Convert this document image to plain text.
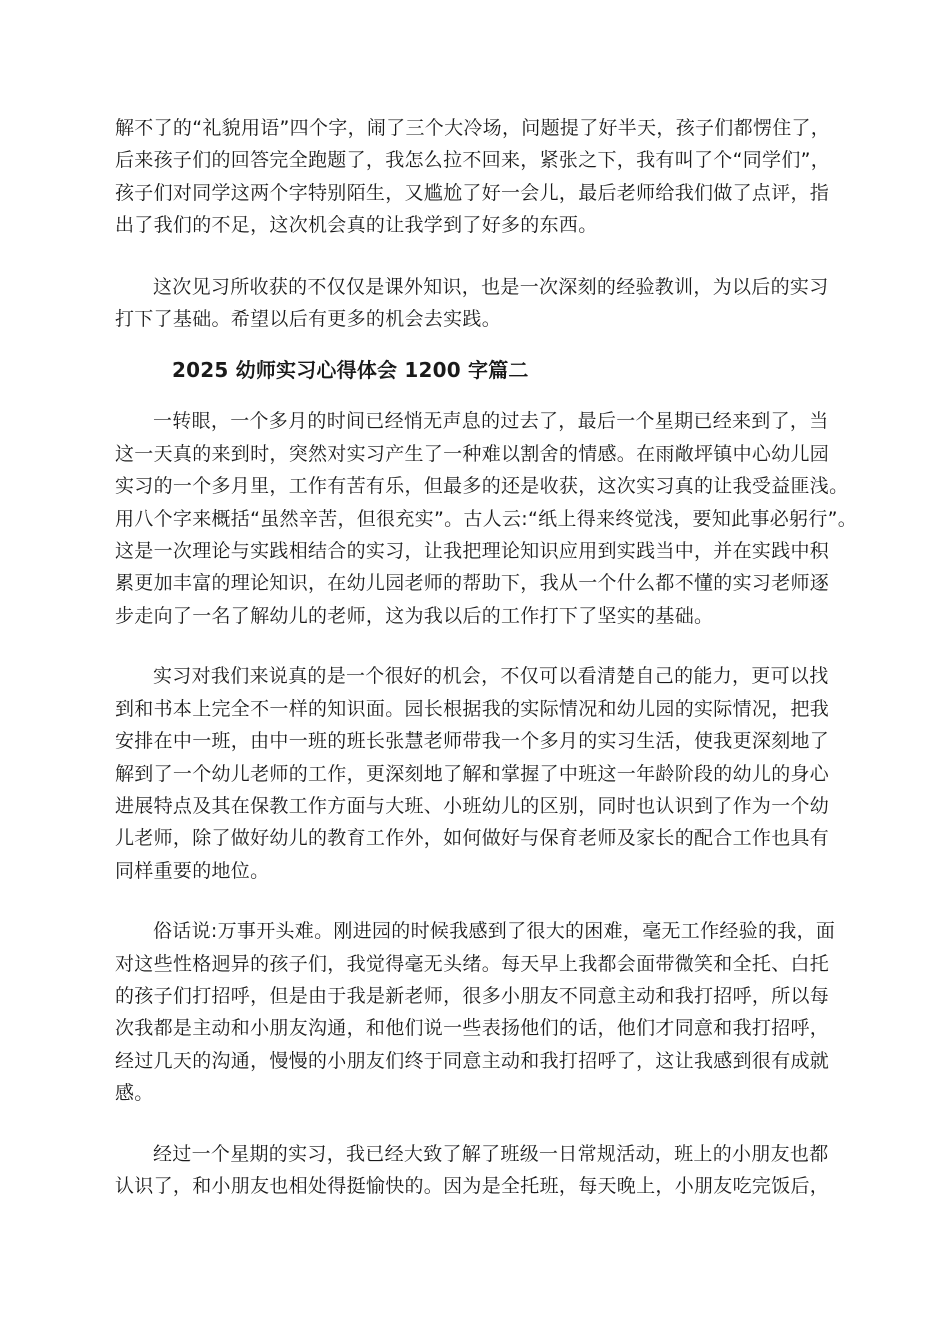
解不了的“礼貌用语”四个字，闹了三个大冷场，问题提了好半天，孩子们都愣住了，
后来孩子们的回答完全跑题了，我怎么拉不回来，紧张之下，我有叫了个“同学们”，
孩子们对同学这两个字特别陌生，又尴尬了好一会儿，最后老师给我们做了点评，指
出了我们的不足，这次机会真的让我学到了好多的东西。

这次见习所收获的不仅仅是课外知识，也是一次深刻的经验教训，为以后的实习
打下了基础。希望以后有更多的机会去实践。

2025 幼师实习心得体会 1200 字篇二

一转眼，一个多月的时间已经悄无声息的过去了，最后一个星期已经来到了，当
这一天真的来到时，突然对实习产生了一种难以割舍的情感。在雨敞坪镇中心幼儿园
实习的一个多月里，工作有苦有乐，但最多的还是收获，这次实习真的让我受益匪浅。
用八个字来概括“虽然辛苦，但很充实”。古人云:“纸上得来终觉浅，要知此事必躬行”。
这是一次理论与实践相结合的实习，让我把理论知识应用到实践当中，并在实践中积
累更加丰富的理论知识，在幼儿园老师的帮助下，我从一个什么都不懂的实习老师逐
步走向了一名了解幼儿的老师，这为我以后的工作打下了坚实的基础。

实习对我们来说真的是一个很好的机会，不仅可以看清楚自己的能力，更可以找
到和书本上完全不一样的知识面。园长根据我的实际情况和幼儿园的实际情况，把我
安排在中一班，由中一班的班长张慧老师带我一个多月的实习生活，使我更深刻地了
解到了一个幼儿老师的工作，更深刻地了解和掌握了中班这一年龄阶段的幼儿的身心
进展特点及其在保教工作方面与大班、小班幼儿的区别，同时也认识到了作为一个幼
儿老师，除了做好幼儿的教育工作外，如何做好与保育老师及家长的配合工作也具有
同样重要的地位。

俗话说:万事开头难。刚进园的时候我感到了很大的困难，毫无工作经验的我，面
对这些性格迥异的孩子们，我觉得毫无头绪。每天早上我都会面带微笑和全托、白托
的孩子们打招呼，但是由于我是新老师，很多小朋友不同意主动和我打招呼，所以每
次我都是主动和小朋友沟通，和他们说一些表扬他们的话，他们才同意和我打招呼，
经过几天的沟通，慢慢的小朋友们终于同意主动和我打招呼了，这让我感到很有成就
感。

经过一个星期的实习，我已经大致了解了班级一日常规活动，班上的小朋友也都
认识了，和小朋友也相处得挺愉快的。因为是全托班，每天晚上，小朋友吃完饭后，
